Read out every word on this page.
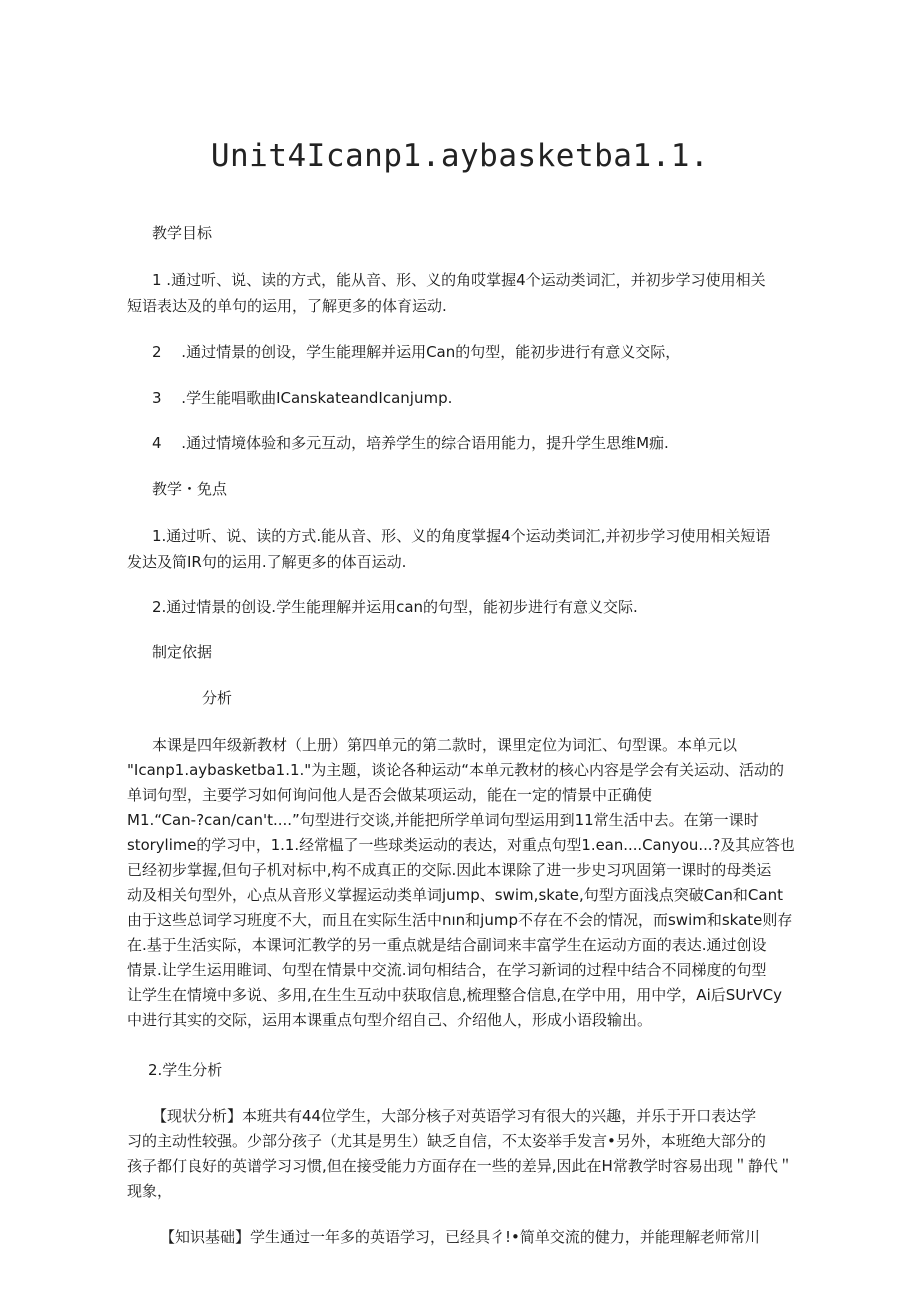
Unit4Icanp1.aybasketba1.1.
教学目标
1 .通过听、说、读的方式，能从音、形、义的角哎掌握4个运动类词汇，并初步学习使用相关
短语表达及的单句的运用，了解更多的体育运动.
2　 .通过情景的创设，学生能理解并运用Can的句型，能初步进行有意义交际，
3　 .学生能唱歌曲ICanskateandIcanjump.
4　 .通过情境体验和多元互动，培养学生的综合语用能力，提升学生思维M痂.
教学・免点
1.通过听、说、读的方式.能从音、形、义的角度掌握4个运动类词汇,并初步学习使用相关短语
发达及简IR句的运用.了解更多的体百运动.
2.通过情景的创设.学生能理解并运用can的句型，能初步进行有意义交际.
制定依据
分析
本课是四年级新教材（上册）第四单元的第二款时，课里定位为词汇、句型课。本单元以
"Icanp1.aybasketba1.1."为主题，谈论各种运动“本单元教材的核心内容是学会有关运动、活动的
单词句型，主要学习如何询问他人是否会做某项运动，能在一定的情景中正确使
M1.“Can-?can∕can't....”句型进行交谈,并能把所学单词句型运用到11常生活中去。在第一课时
storylime的学习中，1.1.经常榅了一些球类运动的表达，对重点句型1.ean....Canyou...?及其应答也
已经初步掌握,但句子机对标中,构不成真正的交际.因此本课除了进一步史习巩固第一课时的母类运
动及相关句型外，心点从音形义掌握运动类单词jump、swim,skate,句型方面浅点突破Can和Cant
由于这些总词学习班度不大，而且在实际生活中nın和jump不存在不会的情况，而swim和skate则存
在.基于生活实际，本课诃汇教学的另一重点就是结合副词来丰富学生在运动方面的表达.通过创设
情景.让学生运用睢词、句型在情景中交流.词句相结合，在学习新词的过程中结合不同梯度的句型
让学生在情境中多说、多用,在生生互动中获取信息,梳理整合信息,在学中用，用中学，Ai后SUrVCy
中进行其实的交际，运用本课重点句型介绍自己、介绍他人，形成小语段输出。
2.学生分析
【现状分析】本班共有44位学生，大部分核子对英语学习有很大的兴趣，并乐于开口表达学
习的主动性较强。少部分孩子（尤其是男生）缺乏自信，不太姿举手发言•另外，本班绝大部分的
孩子都仃良好的英谱学习习惯,但在接受能力方面存在一些的差异,因此在H常教学时容易出现＂静代＂
现象，
【知识基础】学生通过一年多的英语学习，已经具彳!•简单交流的健力，并能理解老师常川
